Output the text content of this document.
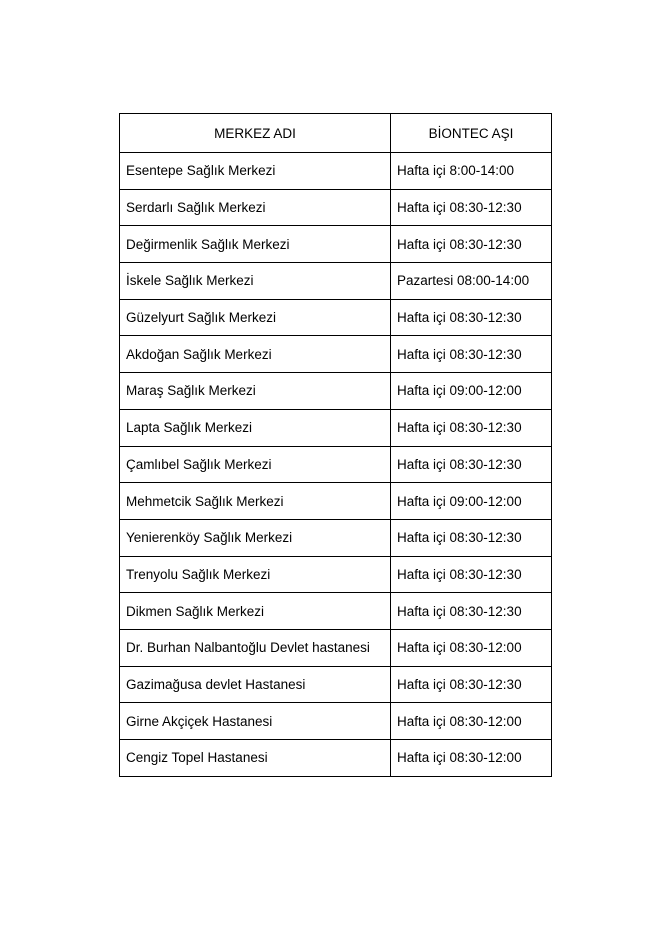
MERKEZ ADI	BİONTEC AŞI
Esentepe Sağlık Merkezi	Hafta içi 8:00-14:00
Serdarlı Sağlık Merkezi	Hafta içi 08:30-12:30
Değirmenlik Sağlık Merkezi	Hafta içi 08:30-12:30
İskele Sağlık Merkezi	Pazartesi 08:00-14:00
Güzelyurt Sağlık Merkezi	Hafta içi 08:30-12:30
Akdoğan Sağlık Merkezi	Hafta içi 08:30-12:30
Maraş Sağlık Merkezi	Hafta içi 09:00-12:00
Lapta Sağlık Merkezi	Hafta içi 08:30-12:30
Çamlıbel Sağlık Merkezi	Hafta içi 08:30-12:30
Mehmetcik Sağlık Merkezi	Hafta içi 09:00-12:00
Yenierenköy Sağlık Merkezi	Hafta içi 08:30-12:30
Trenyolu Sağlık Merkezi	Hafta içi 08:30-12:30
Dikmen Sağlık Merkezi	Hafta içi 08:30-12:30
Dr. Burhan Nalbantoğlu Devlet hastanesi	Hafta içi 08:30-12:00
Gazimağusa devlet Hastanesi	Hafta içi 08:30-12:30
Girne Akçiçek Hastanesi	Hafta içi 08:30-12:00
Cengiz Topel Hastanesi	Hafta içi 08:30-12:00
